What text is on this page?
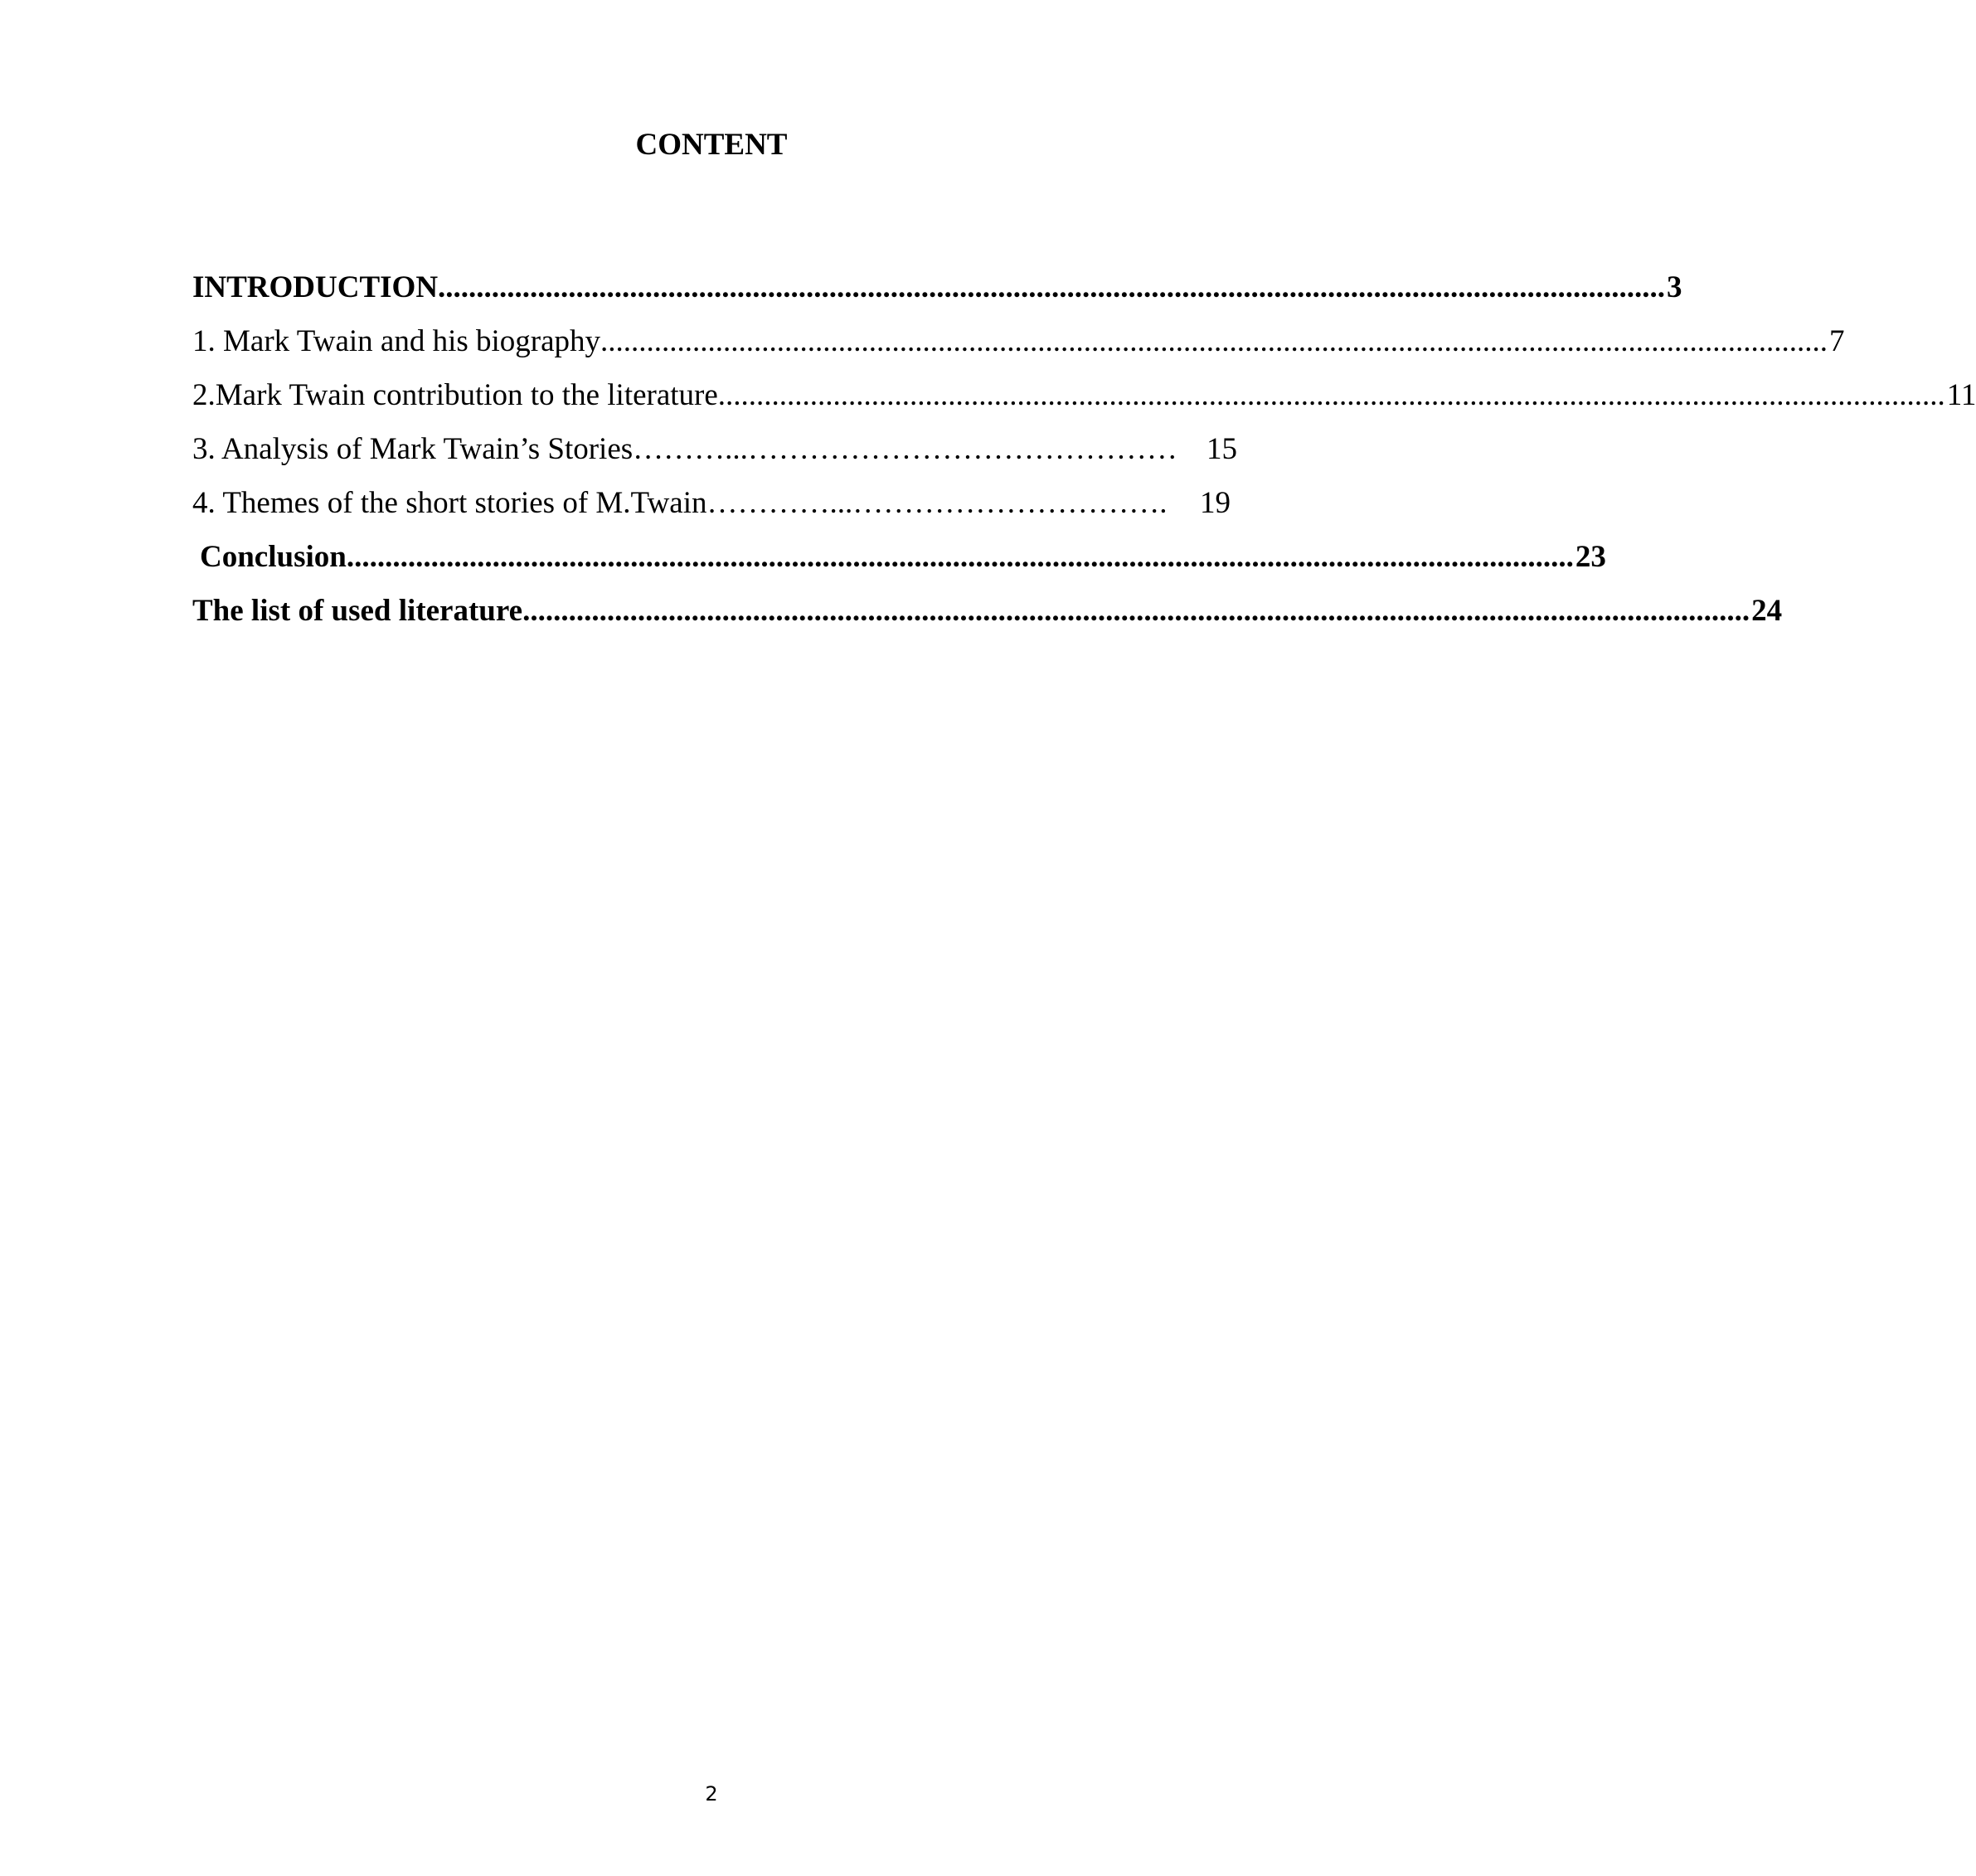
CONTENT
INTRODUCTION ................................................................................................................................................................ 3
1. Mark Twain and his biography ................................................................................................................................................................ 7
2.Mark Twain contribution to the literature ................................................................................................................................................................ 11
3. Analysis of Mark Twain’s Stories ………...…………………………………… 15
4. Themes of the short stories of M.Twain …………...………………………….	19
Conclusion ................................................................................................................................................................ 23
The list of used literature ................................................................................................................................................................ 24
2
